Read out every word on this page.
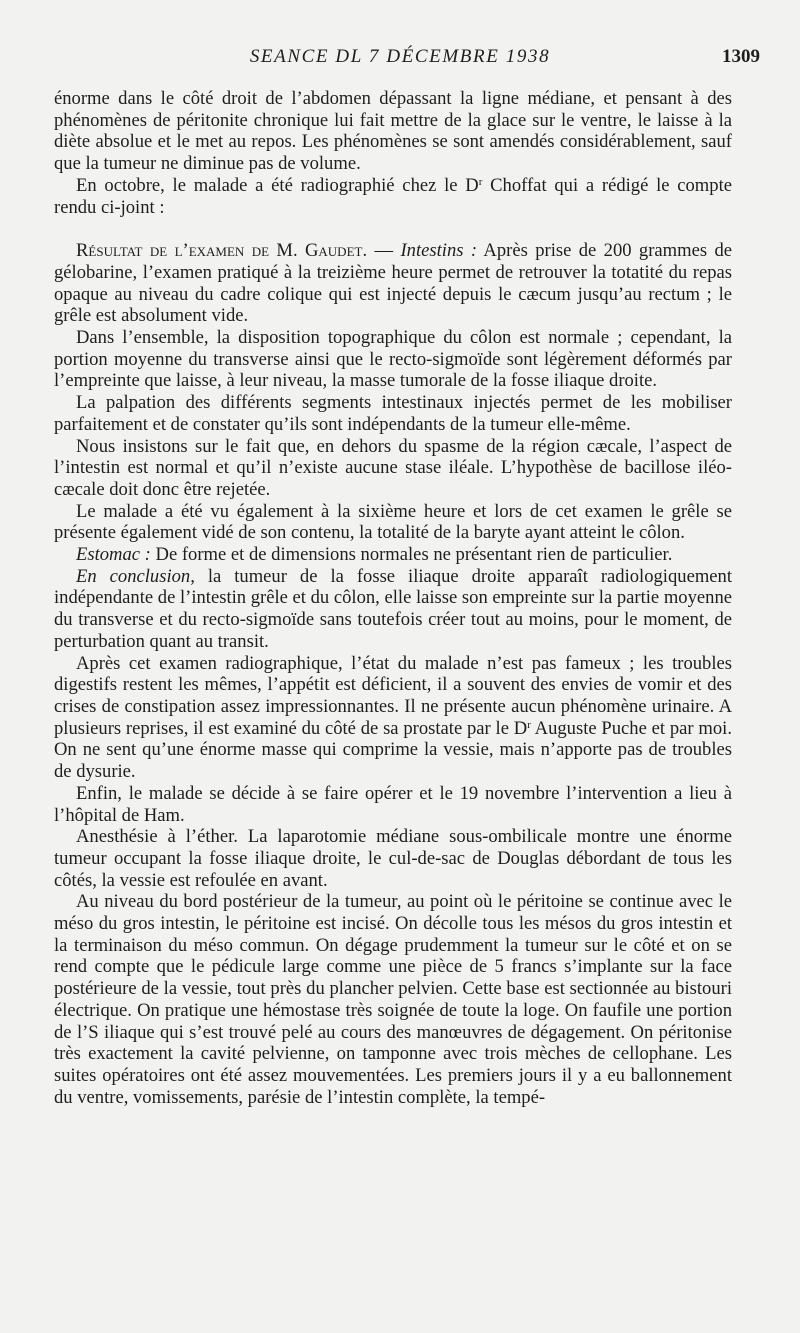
SEANCE DL 7 DÉCEMBRE 1938	1309

énorme dans le côté droit de l’abdomen dépassant la ligne médiane, et pensant à des phénomènes de péritonite chronique lui fait mettre de la glace sur le ventre, le laisse à la diète absolue et le met au repos. Les phénomènes se sont amendés considérablement, sauf que la tumeur ne diminue pas de volume.

En octobre, le malade a été radiographié chez le $D^r$ Choffat qui a rédigé le compte rendu ci-joint :

Résultat de l’examen de M. Gaudet. — Intestins : Après prise de 200 grammes de gélobarine, l’examen pratiqué à la treizième heure permet de retrouver la totatité du repas opaque au niveau du cadre colique qui est injecté depuis le cæcum jusqu’au rectum ; le grêle est absolument vide.

Dans l’ensemble, la disposition topographique du côlon est normale ; cependant, la portion moyenne du transverse ainsi que le recto-sigmoïde sont légèrement déformés par l’empreinte que laisse, à leur niveau, la masse tumorale de la fosse iliaque droite.

La palpation des différents segments intestinaux injectés permet de les mobiliser parfaitement et de constater qu’ils sont indépendants de la tumeur elle-même.

Nous insistons sur le fait que, en dehors du spasme de la région cæcale, l’aspect de l’intestin est normal et qu’il n’existe aucune stase iléale. L’hypothèse de bacillose iléo-cæcale doit donc être rejetée.

Le malade a été vu également à la sixième heure et lors de cet examen le grêle se présente également vidé de son contenu, la totalité de la baryte ayant atteint le côlon.

Estomac : De forme et de dimensions normales ne présentant rien de particulier.

En conclusion, la tumeur de la fosse iliaque droite apparaît radiologiquement indépendante de l’intestin grêle et du côlon, elle laisse son empreinte sur la partie moyenne du transverse et du recto-sigmoïde sans toutefois créer tout au moins, pour le moment, de perturbation quant au transit.

Après cet examen radiographique, l’état du malade n’est pas fameux ; les troubles digestifs restent les mêmes, l’appétit est déficient, il a souvent des envies de vomir et des crises de constipation assez impressionnantes. Il ne présente aucun phénomène urinaire. A plusieurs reprises, il est examiné du côté de sa prostate par le $D^r$ Auguste Puche et par moi. On ne sent qu’une énorme masse qui comprime la vessie, mais n’apporte pas de troubles de dysurie.

Enfin, le malade se décide à se faire opérer et le 19 novembre l’intervention a lieu à l’hôpital de Ham.

Anesthésie à l’éther. La laparotomie médiane sous-ombilicale montre une énorme tumeur occupant la fosse iliaque droite, le cul-de-sac de Douglas débordant de tous les côtés, la vessie est refoulée en avant.

Au niveau du bord postérieur de la tumeur, au point où le péritoine se continue avec le méso du gros intestin, le péritoine est incisé. On décolle tous les mésos du gros intestin et la terminaison du méso commun. On dégage prudemment la tumeur sur le côté et on se rend compte que le pédicule large comme une pièce de 5 francs s’implante sur la face postérieure de la vessie, tout près du plancher pelvien. Cette base est sectionnée au bistouri électrique. On pratique une hémostase très soignée de toute la loge. On faufile une portion de l’S iliaque qui s’est trouvé pelé au cours des manœuvres de dégagement. On péritonise très exactement la cavité pelvienne, on tamponne avec trois mèches de cellophane. Les suites opératoires ont été assez mouvementées. Les premiers jours il y a eu ballonnement du ventre, vomissements, parésie de l’intestin complète, la tempé-
